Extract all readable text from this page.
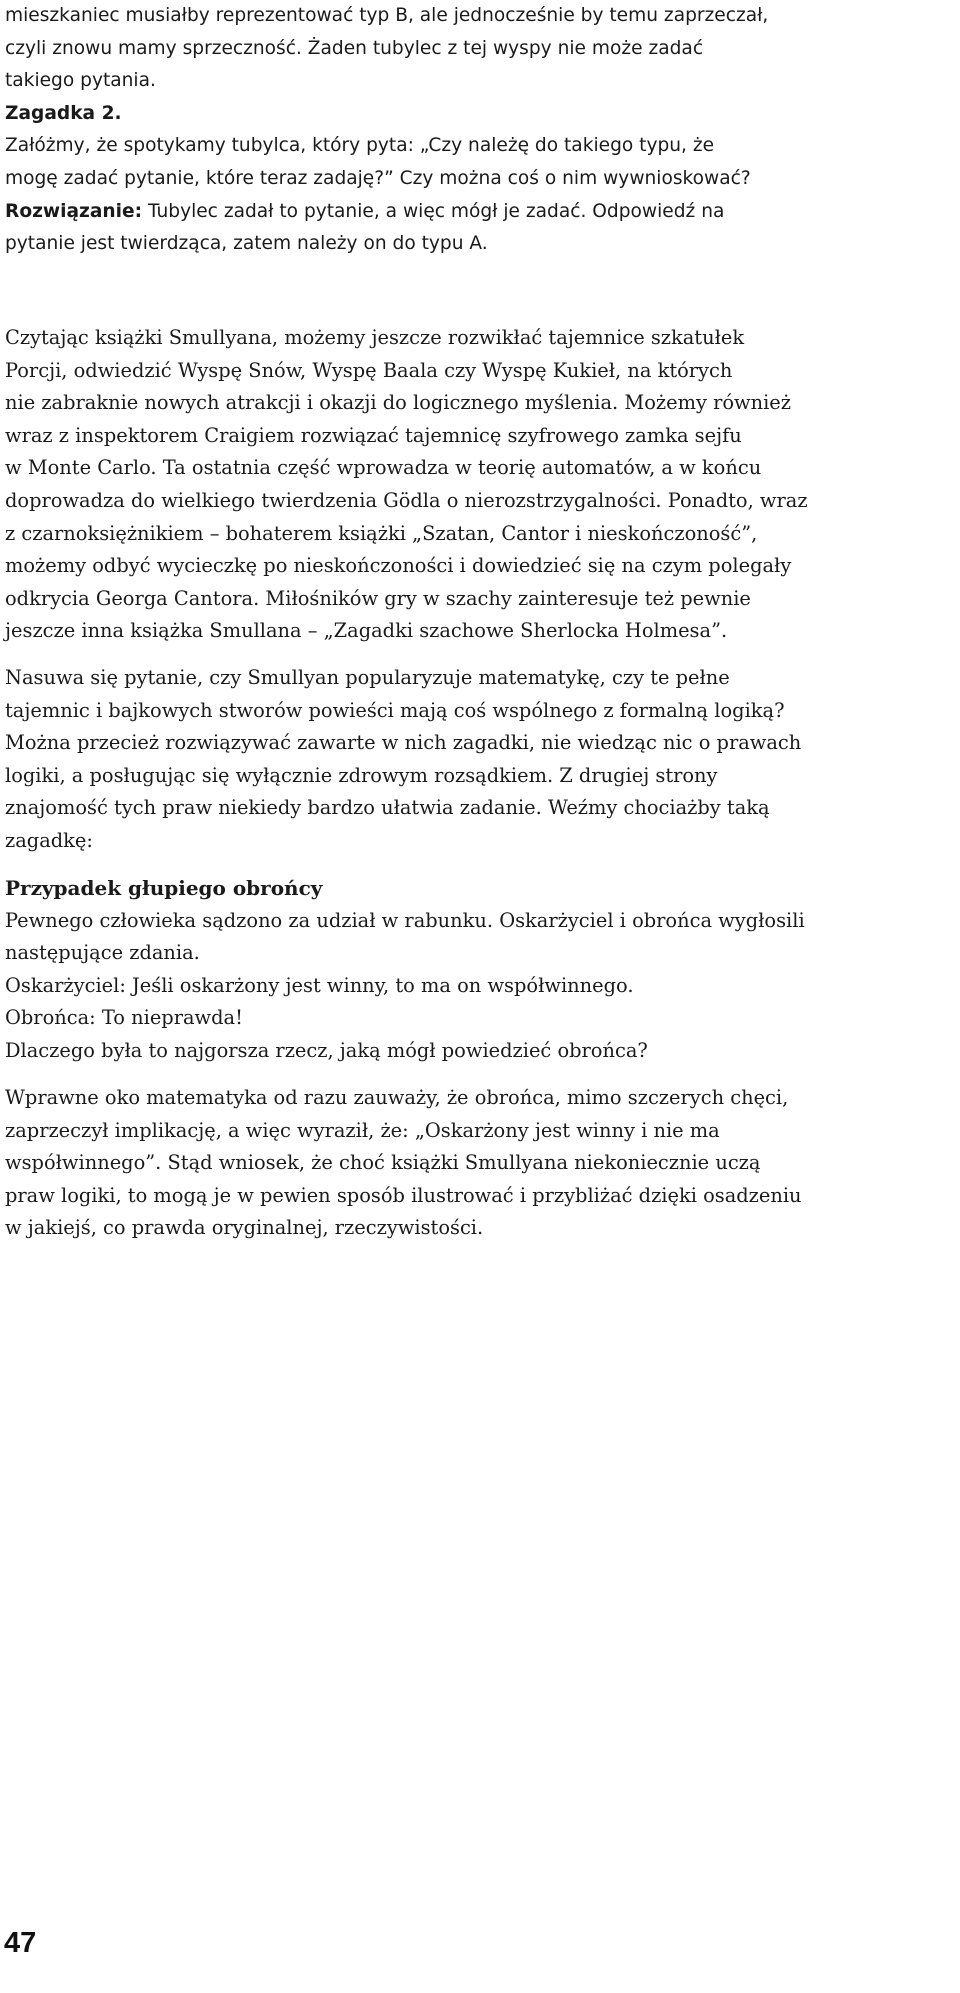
mieszkaniec musiałby reprezentować typ B, ale jednocześnie by temu zaprzeczał,
czyli znowu mamy sprzeczność. Żaden tubylec z tej wyspy nie może zadać
takiego pytania.

Zagadka 2.
Załóżmy, że spotykamy tubylca, który pyta: „Czy należę do takiego typu, że
mogę zadać pytanie, które teraz zadaję?” Czy można coś o nim wywnioskować?
Rozwiązanie: Tubylec zadał to pytanie, a więc mógł je zadać. Odpowiedź na
pytanie jest twierdząca, zatem należy on do typu A.

Czytając książki Smullyana, możemy jeszcze rozwikłać tajemnice szkatułek
Porcji, odwiedzić Wyspę Snów, Wyspę Baala czy Wyspę Kukieł, na których
nie zabraknie nowych atrakcji i okazji do logicznego myślenia. Możemy również
wraz z inspektorem Craigiem rozwiązać tajemnicę szyfrowego zamka sejfu
w Monte Carlo. Ta ostatnia część wprowadza w teorię automatów, a w końcu
doprowadza do wielkiego twierdzenia Gödla o nierozstrzygalności. Ponadto, wraz
z czarnoksiężnikiem – bohaterem książki „Szatan, Cantor i nieskończoność”,
możemy odbyć wycieczkę po nieskończoności i dowiedzieć się na czym polegały
odkrycia Georga Cantora. Miłośników gry w szachy zainteresuje też pewnie
jeszcze inna książka Smullana – „Zagadki szachowe Sherlocka Holmesa”.

Nasuwa się pytanie, czy Smullyan popularyzuje matematykę, czy te pełne
tajemnic i bajkowych stworów powieści mają coś wspólnego z formalną logiką?
Można przecież rozwiązywać zawarte w nich zagadki, nie wiedząc nic o prawach
logiki, a posługując się wyłącznie zdrowym rozsądkiem. Z drugiej strony
znajomość tych praw niekiedy bardzo ułatwia zadanie. Weźmy chociażby taką
zagadkę:

Przypadek głupiego obrońcy
Pewnego człowieka sądzono za udział w rabunku. Oskarżyciel i obrońca wygłosili
następujące zdania.
Oskarżyciel: Jeśli oskarżony jest winny, to ma on współwinnego.
Obrońca: To nieprawda!
Dlaczego była to najgorsza rzecz, jaką mógł powiedzieć obrońca?

Wprawne oko matematyka od razu zauważy, że obrońca, mimo szczerych chęci,
zaprzeczył implikację, a więc wyraził, że: „Oskarżony jest winny i nie ma
współwinnego”. Stąd wniosek, że choć książki Smullyana niekoniecznie uczą
praw logiki, to mogą je w pewien sposób ilustrować i przybliżać dzięki osadzeniu
w jakiejś, co prawda oryginalnej, rzeczywistości.

47
